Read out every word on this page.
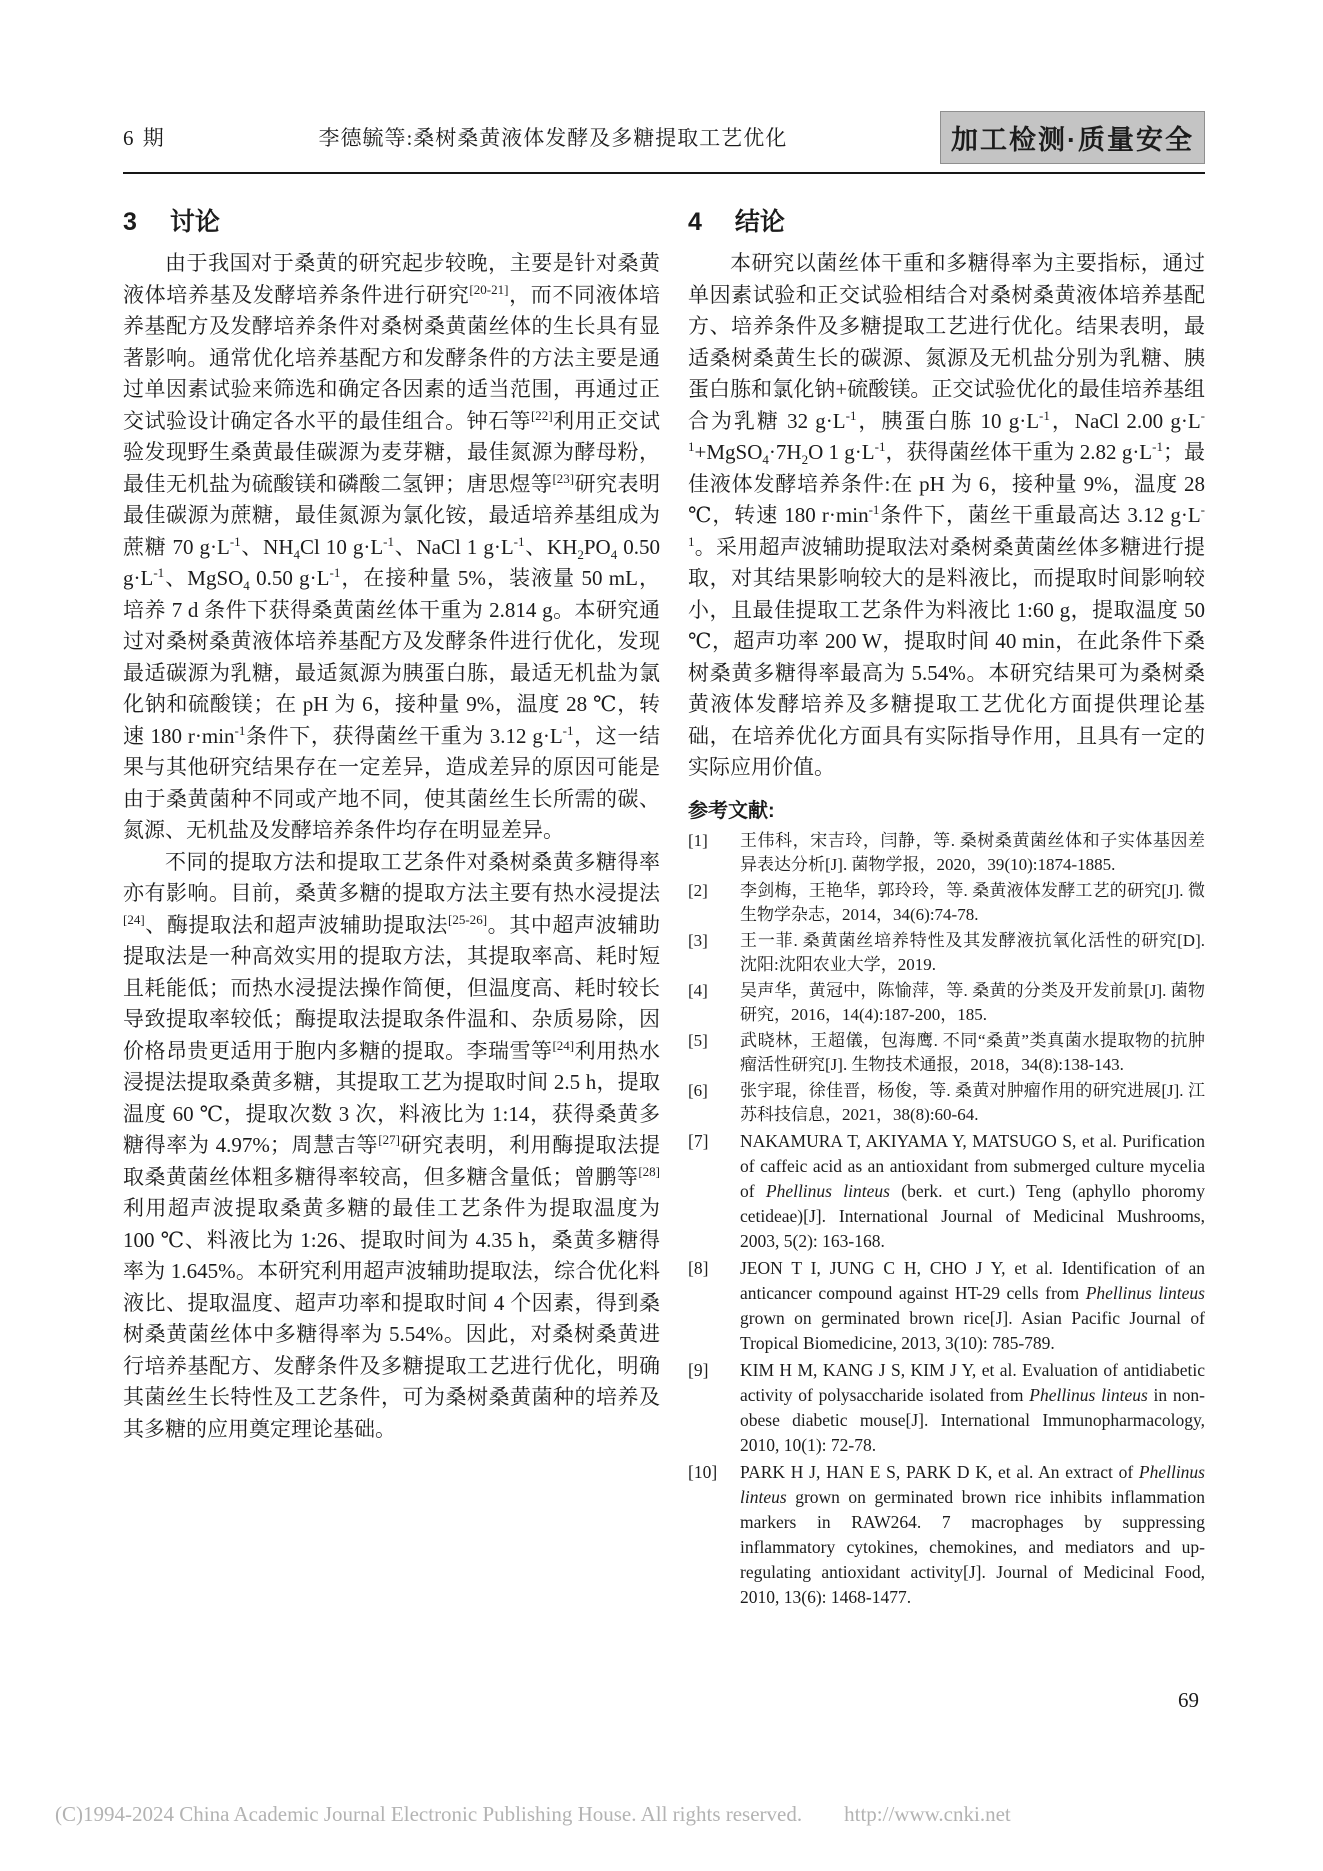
6 期	李德毓等:桑树桑黄液体发酵及多糖提取工艺优化	加工检测·质量安全
3 讨论

由于我国对于桑黄的研究起步较晚，主要是针对桑黄液体培养基及发酵培养条件进行研究[20-21]，而不同液体培养基配方及发酵培养条件对桑树桑黄菌丝体的生长具有显著影响。通常优化培养基配方和发酵条件的方法主要是通过单因素试验来筛选和确定各因素的适当范围，再通过正交试验设计确定各水平的最佳组合。钟石等[22]利用正交试验发现野生桑黄最佳碳源为麦芽糖，最佳氮源为酵母粉，最佳无机盐为硫酸镁和磷酸二氢钾；唐思煜等[23]研究表明最佳碳源为蔗糖，最佳氮源为氯化铵，最适培养基组成为蔗糖 70 $g\cdot L^{-1}$、$NH_4Cl$ 10 $g\cdot L^{-1}$、NaCl 1 $g\cdot L^{-1}$、$KH_2PO_4$ 0.50 $g\cdot L^{-1}$、MgSO$_4$ 0.50 $g\cdot L^{-1}$，在接种量 5%，装液量 50 mL，培养 7 d 条件下获得桑黄菌丝体干重为 2.814 g。本研究通过对桑树桑黄液体培养基配方及发酵条件进行优化，发现最适碳源为乳糖，最适氮源为胰蛋白胨，最适无机盐为氯化钠和硫酸镁；在 pH 为 6，接种量 9%，温度 28 ℃，转速 180 $r\cdot\min^{-1}$条件下，获得菌丝干重为 3.12 $g\cdot L^{-1}$，这一结果与其他研究结果存在一定差异，造成差异的原因可能是由于桑黄菌种不同或产地不同，使其菌丝生长所需的碳、氮源、无机盐及发酵培养条件均存在明显差异。

不同的提取方法和提取工艺条件对桑树桑黄多糖得率亦有影响。目前，桑黄多糖的提取方法主要有热水浸提法[24]、酶提取法和超声波辅助提取法[25-26]。其中超声波辅助提取法是一种高效实用的提取方法，其提取率高、耗时短且耗能低；而热水浸提法操作简便，但温度高、耗时较长导致提取率较低；酶提取法提取条件温和、杂质易除，因价格昂贵更适用于胞内多糖的提取。李瑞雪等[24]利用热水浸提法提取桑黄多糖，其提取工艺为提取时间 2.5 h，提取温度 60 ℃，提取次数 3 次，料液比为 1:14，获得桑黄多糖得率为 4.97%；周慧吉等[27]研究表明，利用酶提取法提取桑黄菌丝体粗多糖得率较高，但多糖含量低；曾鹏等[28]利用超声波提取桑黄多糖的最佳工艺条件为提取温度为 100 ℃、料液比为 1:26、提取时间为 4.35 h，桑黄多糖得率为 1.645%。本研究利用超声波辅助提取法，综合优化料液比、提取温度、超声功率和提取时间 4 个因素，得到桑树桑黄菌丝体中多糖得率为 5.54%。因此，对桑树桑黄进行培养基配方、发酵条件及多糖提取工艺进行优化，明确其菌丝生长特性及工艺条件，可为桑树桑黄菌种的培养及其多糖的应用奠定理论基础。

4 结论

本研究以菌丝体干重和多糖得率为主要指标，通过单因素试验和正交试验相结合对桑树桑黄液体培养基配方、培养条件及多糖提取工艺进行优化。结果表明，最适桑树桑黄生长的碳源、氮源及无机盐分别为乳糖、胰蛋白胨和氯化钠+硫酸镁。正交试验优化的最佳培养基组合为乳糖 32 $g\cdot L^{-1}$，胰蛋白胨 10 $g\cdot L^{-1}$，NaCl 2.00 $g\cdot L^{-1}+MgSO_4\cdot 7H_2O$ 1 $g\cdot L^{-1}$，获得菌丝体干重为 2.82 $g\cdot L^{-1}$；最佳液体发酵培养条件:在 pH 为 6，接种量 9%，温度 28 ℃，转速 180 $r\cdot\min^{-1}$条件下，菌丝干重最高达 3.12 $g\cdot L^{-1}$。采用超声波辅助提取法对桑树桑黄菌丝体多糖进行提取，对其结果影响较大的是料液比，而提取时间影响较小，且最佳提取工艺条件为料液比 1:60 g，提取温度 50 ℃，超声功率 200 W，提取时间 40 min，在此条件下桑树桑黄多糖得率最高为 5.54%。本研究结果可为桑树桑黄液体发酵培养及多糖提取工艺优化方面提供理论基础，在培养优化方面具有实际指导作用，且具有一定的实际应用价值。

参考文献:
[1] 王伟科，宋吉玲，闫静，等. 桑树桑黄菌丝体和子实体基因差异表达分析[J]. 菌物学报，2020，39(10):1874-1885.
[2] 李剑梅，王艳华，郭玲玲，等. 桑黄液体发酵工艺的研究[J]. 微生物学杂志，2014，34(6):74-78.
[3] 王一菲. 桑黄菌丝培养特性及其发酵液抗氧化活性的研究[D]. 沈阳:沈阳农业大学，2019.
[4] 吴声华，黄冠中，陈愉萍，等. 桑黄的分类及开发前景[J]. 菌物研究，2016，14(4):187-200，185.
[5] 武晓林，王超儀，包海鹰. 不同“桑黄”类真菌水提取物的抗肿瘤活性研究[J]. 生物技术通报，2018，34(8):138-143.
[6] 张宇琨，徐佳晋，杨俊，等. 桑黄对肿瘤作用的研究进展[J]. 江苏科技信息，2021，38(8):60-64.
[7] NAKAMURA T, AKIYAMA Y, MATSUGO S, et al. Purification of caffeic acid as an antioxidant from submerged culture mycelia of Phellinus linteus (berk. et curt.) Teng (aphyllo phoromy cetideae)[J]. International Journal of Medicinal Mushrooms, 2003, 5(2): 163-168.
[8] JEON T I, JUNG C H, CHO J Y, et al. Identification of an anticancer compound against HT-29 cells from Phellinus linteus grown on germinated brown rice[J]. Asian Pacific Journal of Tropical Biomedicine, 2013, 3(10): 785-789.
[9] KIM H M, KANG J S, KIM J Y, et al. Evaluation of antidiabetic activity of polysaccharide isolated from Phellinus linteus in non-obese diabetic mouse[J]. International Immunopharmacology, 2010, 10(1): 72-78.
[10] PARK H J, HAN E S, PARK D K, et al. An extract of Phellinus linteus grown on germinated brown rice inhibits inflammation markers in RAW264. 7 macrophages by suppressing inflammatory cytokines, chemokines, and mediators and up-regulating antioxidant activity[J]. Journal of Medicinal Food, 2010, 13(6): 1468-1477.
69
(C)1994-2024 China Academic Journal Electronic Publishing House. All rights reserved. http://www.cnki.net
